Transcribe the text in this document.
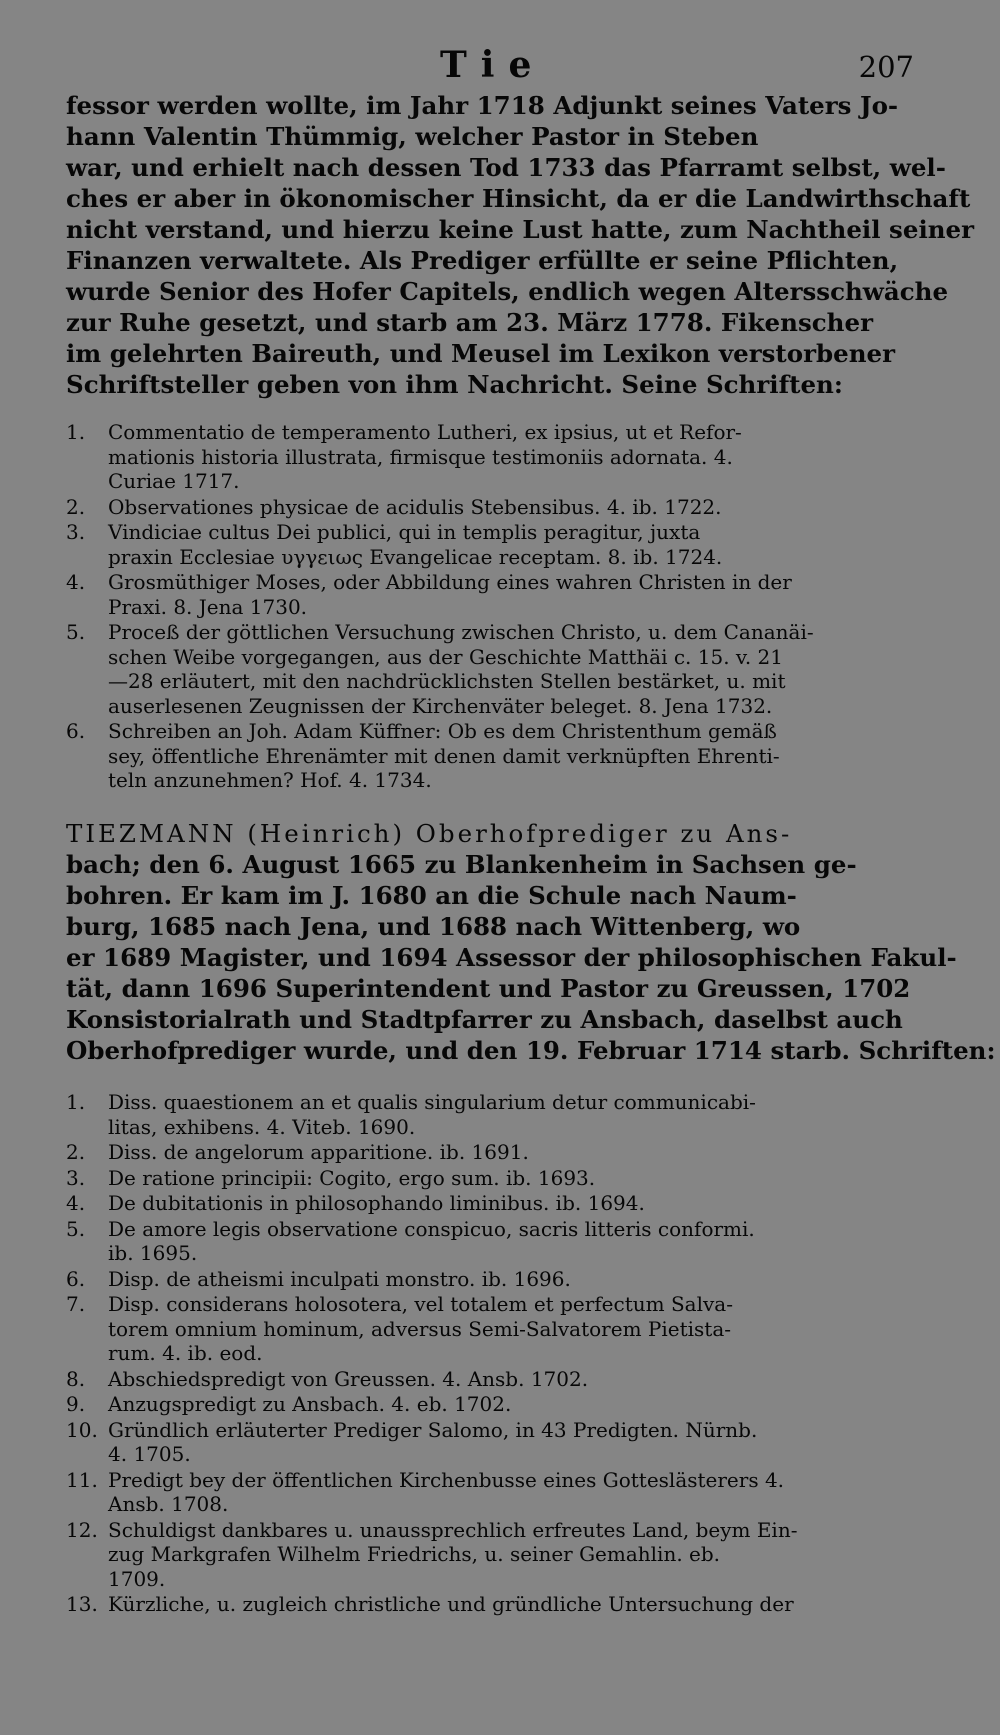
Tie	207
fessor werden wollte, im Jahr 1718 Adjunkt seines Vaters Jo-
hann Valentin Thümmig, welcher Pastor in Steben
war, und erhielt nach dessen Tod 1733 das Pfarramt selbst, wel-
ches er aber in ökonomischer Hinsicht, da er die Landwirthschaft
nicht verstand, und hierzu keine Lust hatte, zum Nachtheil seiner
Finanzen verwaltete. Als Prediger erfüllte er seine Pflichten,
wurde Senior des Hofer Capitels, endlich wegen Altersschwäche
zur Ruhe gesetzt, und starb am 23. März 1778. Fikenscher
im gelehrten Baireuth, und Meusel im Lexikon verstorbener
Schriftsteller geben von ihm Nachricht. Seine Schriften:
1.	Commentatio de temperamento Lutheri, ex ipsius, ut et Refor-
mationis historia illustrata, firmisque testimoniis adornata. 4.
Curiae 1717.
2.	Observationes physicae de acidulis Stebensibus. 4. ib. 1722.
3.	Vindiciae cultus Dei publici, qui in templis peragitur, juxta
praxin Ecclesiae υγγειως Evangelicae receptam. 8. ib. 1724.
4.	Grosmüthiger Moses, oder Abbildung eines wahren Christen in der
Praxi. 8. Jena 1730.
5.	Proceß der göttlichen Versuchung zwischen Christo, u. dem Cananäi-
schen Weibe vorgegangen, aus der Geschichte Matthäi c. 15. v. 21
—28 erläutert, mit den nachdrücklichsten Stellen bestärket, u. mit
auserlesenen Zeugnissen der Kirchenväter beleget. 8. Jena 1732.
6.	Schreiben an Joh. Adam Küffner: Ob es dem Christenthum gemäß
sey, öffentliche Ehrenämter mit denen damit verknüpften Ehrenti-
teln anzunehmen? Hof. 4. 1734.
TIEZMANN (Heinrich) Oberhofprediger zu Ans-
bach; den 6. August 1665 zu Blankenheim in Sachsen ge-
bohren. Er kam im J. 1680 an die Schule nach Naum-
burg, 1685 nach Jena, und 1688 nach Wittenberg, wo
er 1689 Magister, und 1694 Assessor der philosophischen Fakul-
tät, dann 1696 Superintendent und Pastor zu Greussen, 1702
Konsistorialrath und Stadtpfarrer zu Ansbach, daselbst auch
Oberhofprediger wurde, und den 19. Februar 1714 starb. Schriften:
1.	Diss. quaestionem an et qualis singularium detur communicabi-
litas, exhibens. 4. Viteb. 1690.
2.	Diss. de angelorum apparitione. ib. 1691.
3.	De ratione principii: Cogito, ergo sum. ib. 1693.
4.	De dubitationis in philosophando liminibus. ib. 1694.
5.	De amore legis observatione conspicuo, sacris litteris conformi.
ib. 1695.
6.	Disp. de atheismi inculpati monstro. ib. 1696.
7.	Disp. considerans holosotera, vel totalem et perfectum Salva-
torem omnium hominum, adversus Semi-Salvatorem Pietista-
rum. 4. ib. eod.
8.	Abschiedspredigt von Greussen. 4. Ansb. 1702.
9.	Anzugspredigt zu Ansbach. 4. eb. 1702.
10. Gründlich erläuterter Prediger Salomo, in 43 Predigten. Nürnb.
4. 1705.
11. Predigt bey der öffentlichen Kirchenbusse eines Gotteslästerers 4.
Ansb. 1708.
12. Schuldigst dankbares u. unaussprechlich erfreutes Land, beym Ein-
zug Markgrafen Wilhelm Friedrichs, u. seiner Gemahlin. eb.
1709.
13. Kürzliche, u. zugleich christliche und gründliche Untersuchung der
